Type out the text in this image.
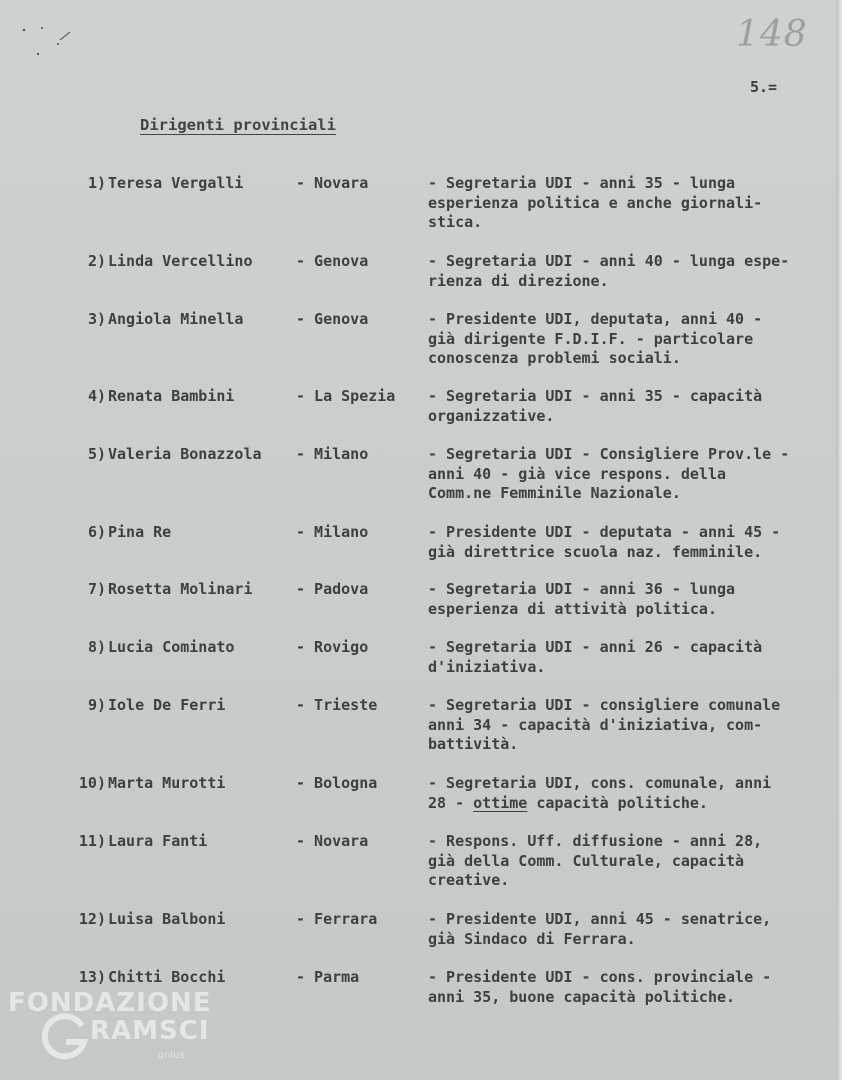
148
5.=
Dirigenti provinciali
1) Teresa Vergalli	- Novara	- Segretaria UDI - anni 35 - lunga
esperienza politica e anche giornali-
stica.
2) Linda Vercellino	- Genova	- Segretaria UDI - anni 40 - lunga espe-
rienza di direzione.
3) Angiola Minella	- Genova	- Presidente UDI, deputata, anni 40 -
già dirigente F.D.I.F. - particolare
conoscenza problemi sociali.
4) Renata Bambini	- La Spezia - Segretaria UDI - anni 35 - capacità
organizzative.
5) Valeria Bonazzola - Milano	- Segretaria UDI - Consigliere Prov.le -
anni 40 - già vice respons. della
Comm.ne Femminile Nazionale.
6) Pina Re	- Milano	- Presidente UDI - deputata - anni 45 -
già direttrice scuola naz. femminile.
7) Rosetta Molinari	- Padova	- Segretaria UDI - anni 36 - lunga
esperienza di attività politica.
8) Lucia Cominato	- Rovigo	- Segretaria UDI - anni 26 - capacità
d'iniziativa.
9) Iole De Ferri	- Trieste	- Segretaria UDI - consigliere comunale
anni 34 - capacità d'iniziativa, com-
battività.
10) Marta Murotti	- Bologna	- Segretaria UDI, cons. comunale, anni
28 - ottime capacità politiche.
11) Laura Fanti	- Novara	- Respons. Uff. diffusione - anni 28,
già della Comm. Culturale, capacità
creative.
12) Luisa Balboni	- Ferrara	- Presidente UDI, anni 45 - senatrice,
già Sindaco di Ferrara.
13) Chitti Bocchi	- Parma	- Presidente UDI - cons. provinciale -
anni 35, buone capacità politiche.
FONDAZIONE
RAMSCI
onlus
